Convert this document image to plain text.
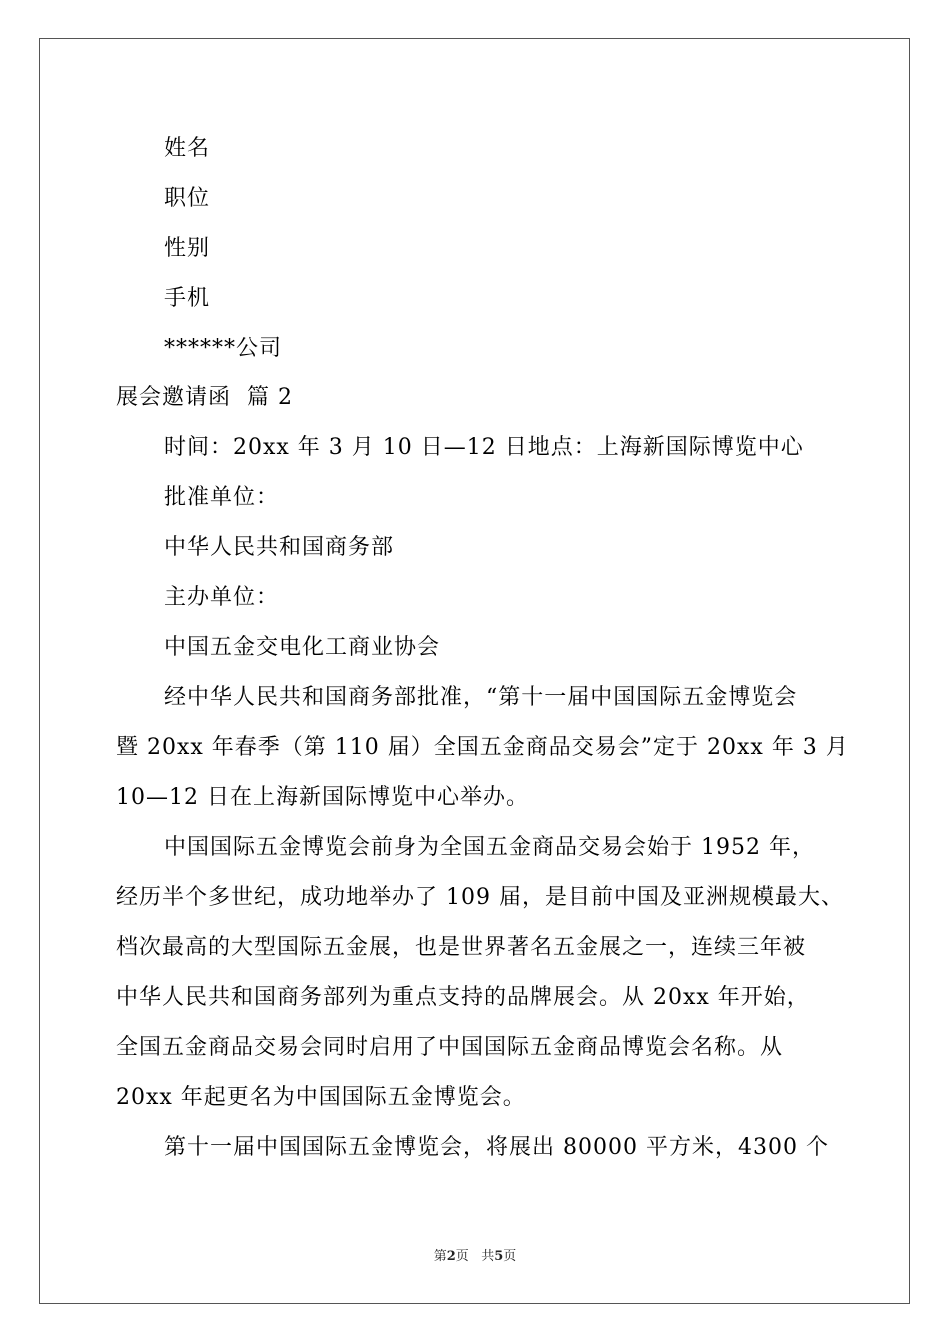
姓名
职位
性别
手机
******公司
展会邀请函  篇 2
时间：20xx 年 3 月 10 日—12 日地点：上海新国际博览中心
批准单位：
中华人民共和国商务部
主办单位：
中国五金交电化工商业协会
经中华人民共和国商务部批准，“第十一届中国国际五金博览会
暨 20xx 年春季（第 110 届）全国五金商品交易会”定于 20xx 年 3 月
10—12 日在上海新国际博览中心举办。
中国国际五金博览会前身为全国五金商品交易会始于 1952 年，
经历半个多世纪，成功地举办了 109 届，是目前中国及亚洲规模最大、
档次最高的大型国际五金展，也是世界著名五金展之一，连续三年被
中华人民共和国商务部列为重点支持的品牌展会。从 20xx 年开始，
全国五金商品交易会同时启用了中国国际五金商品博览会名称。从
20xx 年起更名为中国国际五金博览会。
第十一届中国国际五金博览会，将展出 80000 平方米，4300 个
第2页 共5页
